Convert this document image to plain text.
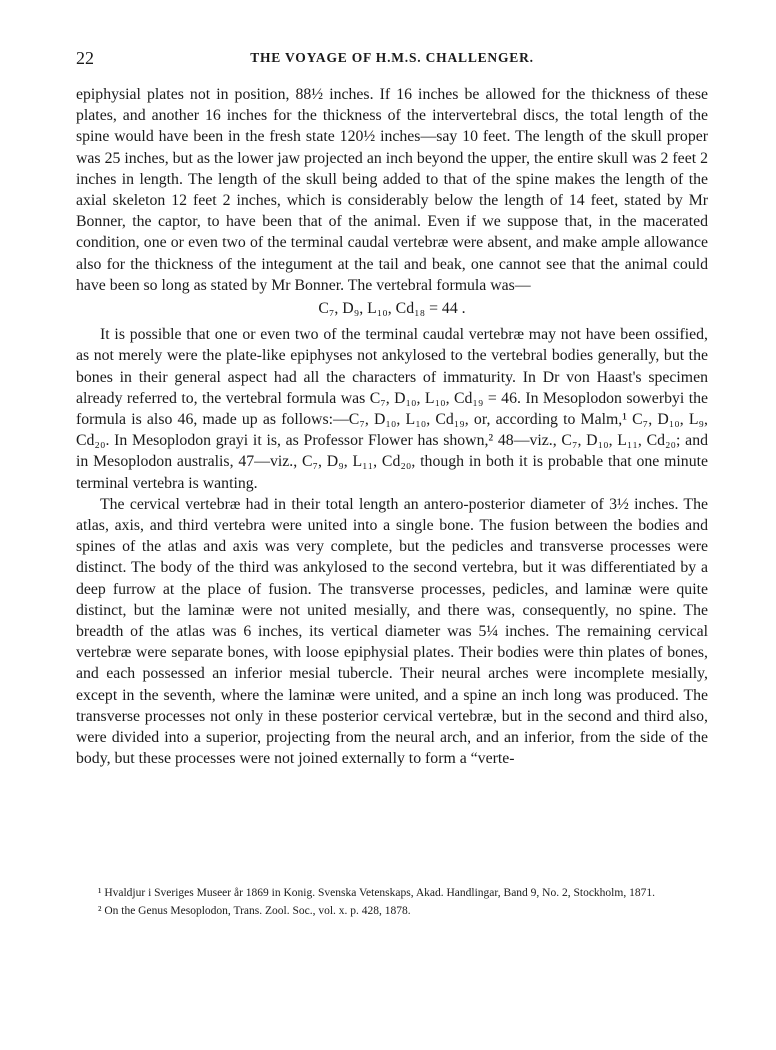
22	THE VOYAGE OF H.M.S. CHALLENGER.

epiphysial plates not in position, 88½ inches. If 16 inches be allowed for the thickness of these plates, and another 16 inches for the thickness of the intervertebral discs, the total length of the spine would have been in the fresh state 120½ inches—say 10 feet. The length of the skull proper was 25 inches, but as the lower jaw projected an inch beyond the upper, the entire skull was 2 feet 2 inches in length. The length of the skull being added to that of the spine makes the length of the axial skeleton 12 feet 2 inches, which is considerably below the length of 14 feet, stated by Mr Bonner, the captor, to have been that of the animal. Even if we suppose that, in the macerated condition, one or even two of the terminal caudal vertebræ were absent, and make ample allowance also for the thickness of the integument at the tail and beak, one cannot see that the animal could have been so long as stated by Mr Bonner. The vertebral formula was—

C₇, D₉, L₁₀, Cd₁₈ = 44 .

It is possible that one or even two of the terminal caudal vertebræ may not have been ossified, as not merely were the plate-like epiphyses not ankylosed to the vertebral bodies generally, but the bones in their general aspect had all the characters of immaturity. In Dr von Haast's specimen already referred to, the vertebral formula was C₇, D₁₀, L₁₀, Cd₁₉ = 46. In Mesoplodon sowerbyi the formula is also 46, made up as follows:—C₇, D₁₀, L₁₀, Cd₁₉, or, according to Malm,¹ C₇, D₁₀, L₉, Cd₂₀. In Mesoplodon grayi it is, as Professor Flower has shown,² 48—viz., C₇, D₁₀, L₁₁, Cd₂₀; and in Mesoplodon australis, 47—viz., C₇, D₉, L₁₁, Cd₂₀, though in both it is probable that one minute terminal vertebra is wanting.

The cervical vertebræ had in their total length an antero-posterior diameter of 3½ inches. The atlas, axis, and third vertebra were united into a single bone. The fusion between the bodies and spines of the atlas and axis was very complete, but the pedicles and transverse processes were distinct. The body of the third was ankylosed to the second vertebra, but it was differentiated by a deep furrow at the place of fusion. The transverse processes, pedicles, and laminæ were quite distinct, but the laminæ were not united mesially, and there was, consequently, no spine. The breadth of the atlas was 6 inches, its vertical diameter was 5¼ inches. The remaining cervical vertebræ were separate bones, with loose epiphysial plates. Their bodies were thin plates of bones, and each possessed an inferior mesial tubercle. Their neural arches were incomplete mesially, except in the seventh, where the laminæ were united, and a spine an inch long was produced. The transverse processes not only in these posterior cervical vertebræ, but in the second and third also, were divided into a superior, projecting from the neural arch, and an inferior, from the side of the body, but these processes were not joined externally to form a “verte-

¹ Hvaldjur i Sveriges Museer år 1869 in Konig. Svenska Vetenskaps, Akad. Handlingar, Band 9, No. 2, Stockholm, 1871.

² On the Genus Mesoplodon, Trans. Zool. Soc., vol. x. p. 428, 1878.
